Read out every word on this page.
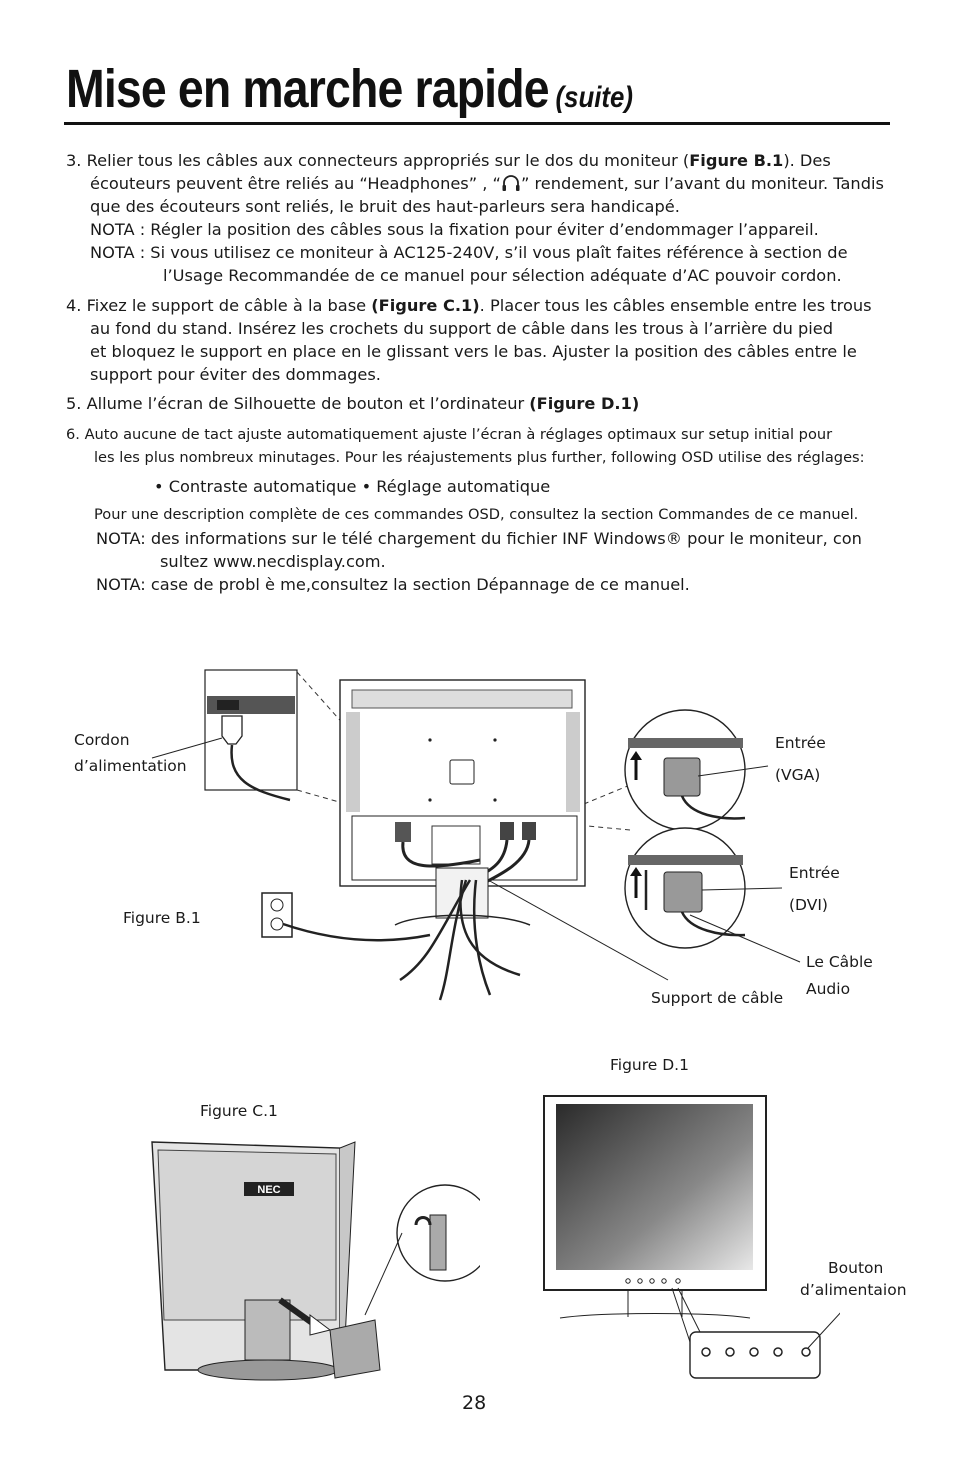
Mise en marche rapide (suite)
3. Relier tous les câbles aux connecteurs appropriés sur le dos du moniteur (Figure B.1). Des
écouteurs peuvent être reliés au “Headphones” , “ ” rendement, sur l’avant du moniteur. Tandis
que des écouteurs sont reliés, le bruit des haut-parleurs sera handicapé.
NOTA : Régler la position des câbles sous la fixation pour éviter d’endommager l’appareil.
NOTA : Si vous utilisez ce moniteur à AC125-240V, s’il vous plaît faites référence à section de
l’Usage Recommandée de ce manuel pour sélection adéquate d’AC pouvoir cordon.
4. Fixez le support de câble à la base (Figure C.1). Placer tous les câbles ensemble entre les trous
au fond du stand. Insérez les crochets du support de câble dans les trous à l’arrière du pied
et bloquez le support en place en le glissant vers le bas. Ajuster la position des câbles entre le
support pour éviter des dommages.
5. Allume l’écran de Silhouette de bouton et l’ordinateur (Figure D.1)
6. Auto aucune de tact ajuste automatiquement ajuste l’écran à réglages optimaux sur setup initial pour
les les plus nombreux minutages. Pour les réajustements plus further, following OSD utilise des réglages:
• Contraste automatique • Réglage automatique
Pour une description complète de ces commandes OSD, consultez la section Commandes de ce manuel.
NOTA: des informations sur le télé chargement du fichier INF Windows® pour le moniteur, con
sultez www.necdisplay.com.
NOTA: case de probl è me,consultez la section Dépannage de ce manuel.
Cordon
d’alimentation
Entrée
(VGA)
Entrée
(DVI)
Le Câble
Audio
Support de câble
Figure B.1
Figure C.1
NEC
Figure D.1
Bouton
d’alimentaion
28
